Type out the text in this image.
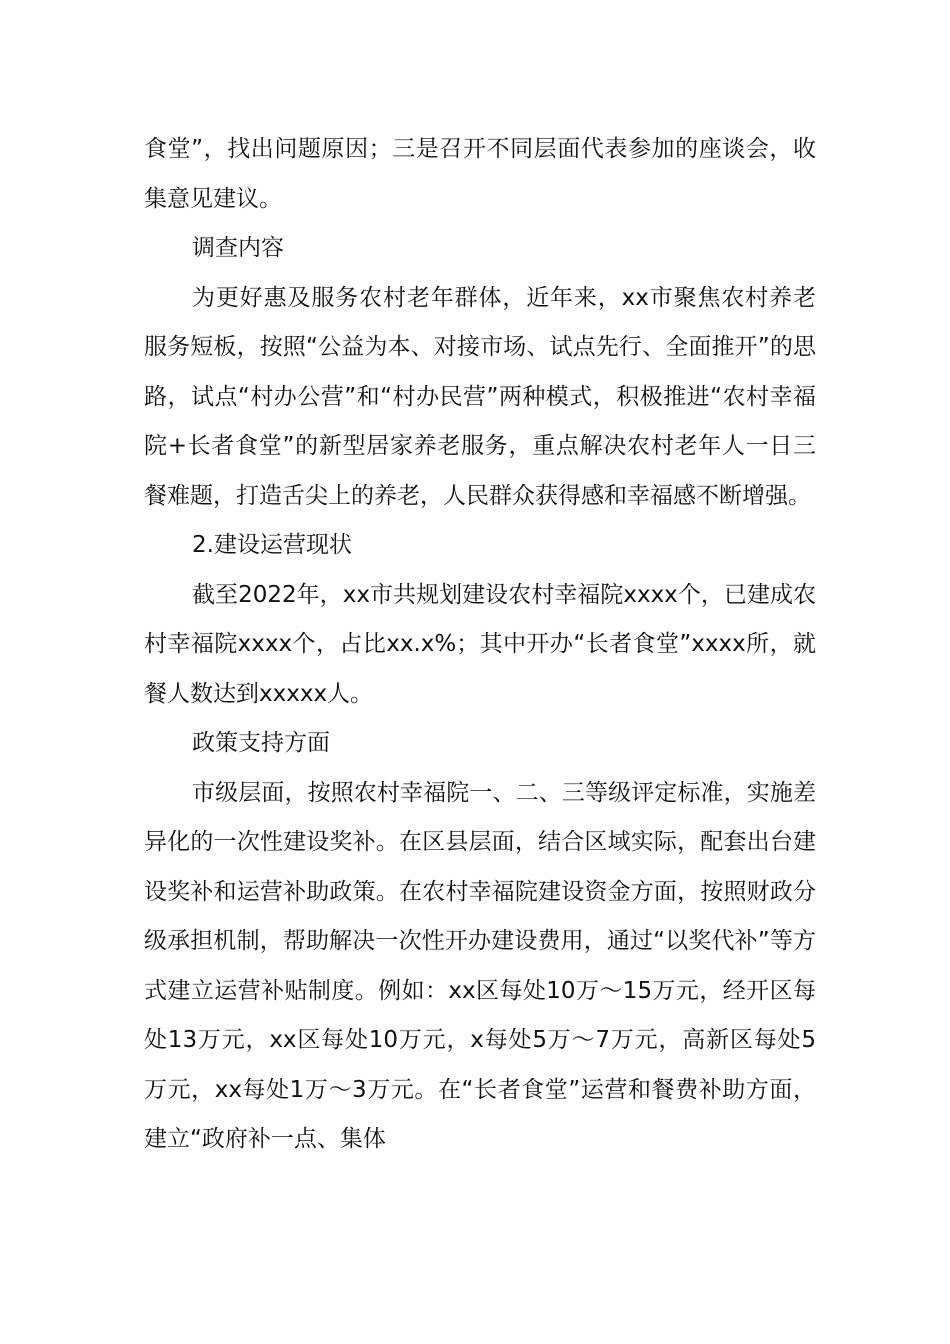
食堂”，找出问题原因；三是召开不同层面代表参加的座谈会，收集意见建议。

调查内容

为更好惠及服务农村老年群体，近年来，xx市聚焦农村养老服务短板，按照“公益为本、对接市场、试点先行、全面推开”的思路，试点“村办公营”和“村办民营”两种模式，积极推进“农村幸福院+长者食堂”的新型居家养老服务，重点解决农村老年人一日三餐难题，打造舌尖上的养老，人民群众获得感和幸福感不断增强。

2.建设运营现状

截至2022年，xx市共规划建设农村幸福院xxxx个，已建成农村幸福院xxxx个，占比xx.x%；其中开办“长者食堂”xxxx所，就餐人数达到xxxxx人。

政策支持方面

市级层面，按照农村幸福院一、二、三等级评定标准，实施差异化的一次性建设奖补。在区县层面，结合区域实际，配套出台建设奖补和运营补助政策。在农村幸福院建设资金方面，按照财政分级承担机制，帮助解决一次性开办建设费用，通过“以奖代补”等方式建立运营补贴制度。例如：xx区每处10万～15万元，经开区每处13万元，xx区每处10万元，x每处5万～7万元，高新区每处5万元，xx每处1万～3万元。在“长者食堂”运营和餐费补助方面，建立“政府补一点、集体
